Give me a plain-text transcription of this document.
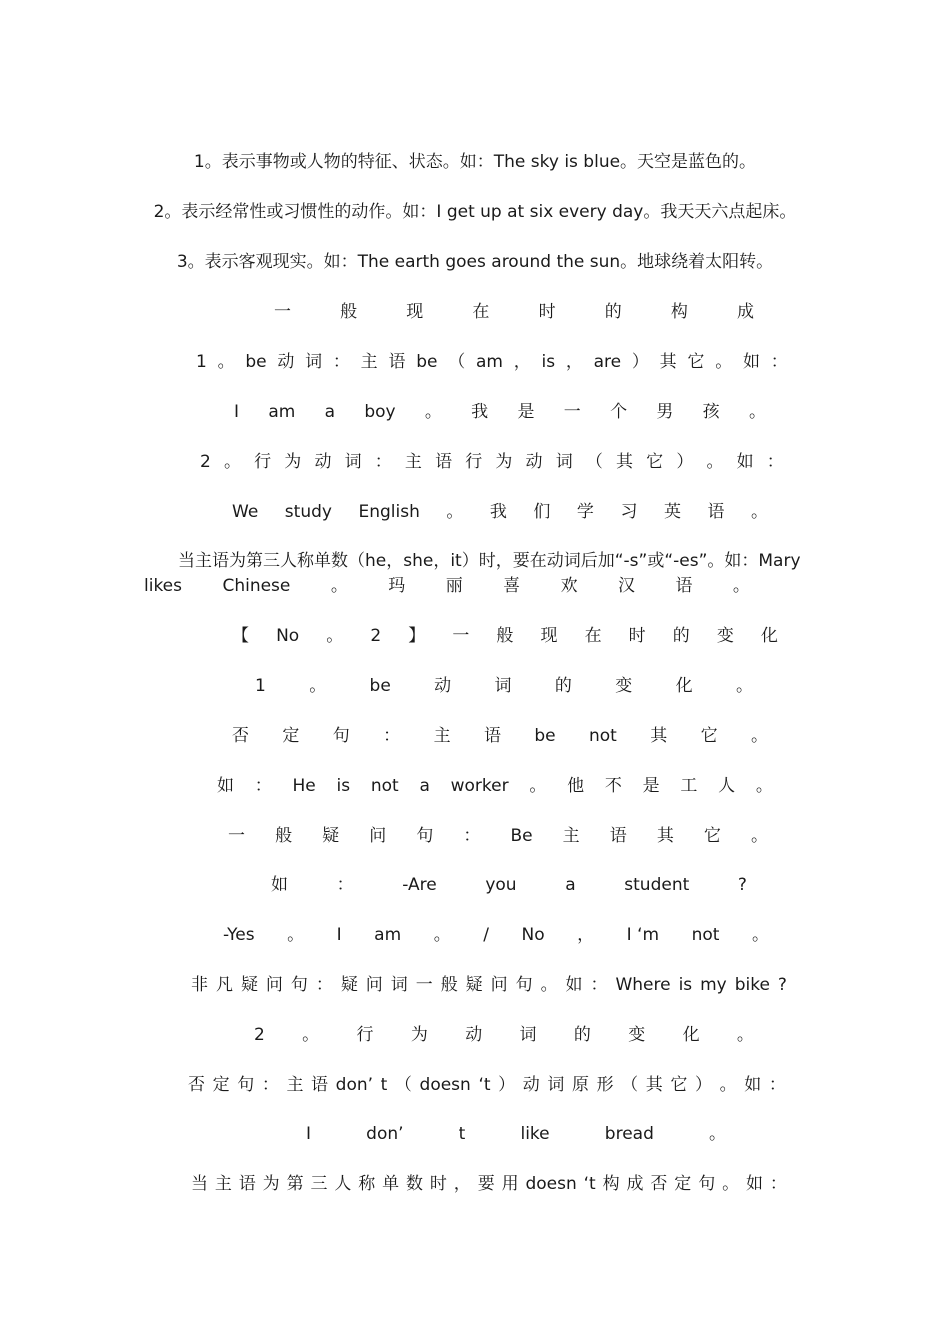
1。表示事物或人物的特征、状态。如：The sky is blue。天空是蓝色的。
2。表示经常性或习惯性的动作。如：I get up at six every day。我天天六点起床。
3。表示客观现实。如：The earth goes around the sun。地球绕着太阳转。
一	般	现	在	时	的	构	成
1 。 be 动 词 ： 主 语 be （ am ， is ， are ） 其 它 。 如 ：
I am a boy 。 我 是 一 个 男 孩 。
2 。 行 为 动 词 ： 主 语 行 为 动 词 （ 其 它 ） 。 如 ：
We study English 。 我 们 学 习 英 语 。
当主语为第三人称单数（he，she，it）时，要在动词后加“-s”或“-es”。如：Mary
likes Chinese 。 玛 丽 喜 欢 汉 语 。
【 No 。 2 】 一 般 现 在 时 的 变 化
1	。	be	动	词	的	变	化	。
否 定 句 ： 主 语 be not 其 它 。
如 ： He is not a worker 。 他 不 是 工 人 。
一 般 疑 问 句 ： Be 主 语 其 它 。
如	：	-Are	you	a	student	?
-Yes 。 I am 。 / No ， I ‘m not 。
非 凡 疑 问 句 ： 疑 问 词 一 般 疑 问 句 。 如 ： Where is my bike ?
2 。 行 为 动 词 的 变 化 。
否 定 句 ： 主 语 don’ t （ doesn ‘t ） 动 词 原 形 （ 其 它 ） 。 如 ：
I	don’	t	like	bread	。
当 主 语 为 第 三 人 称 单 数 时 ， 要 用 doesn ‘t 构 成 否 定 句 。 如 ：
